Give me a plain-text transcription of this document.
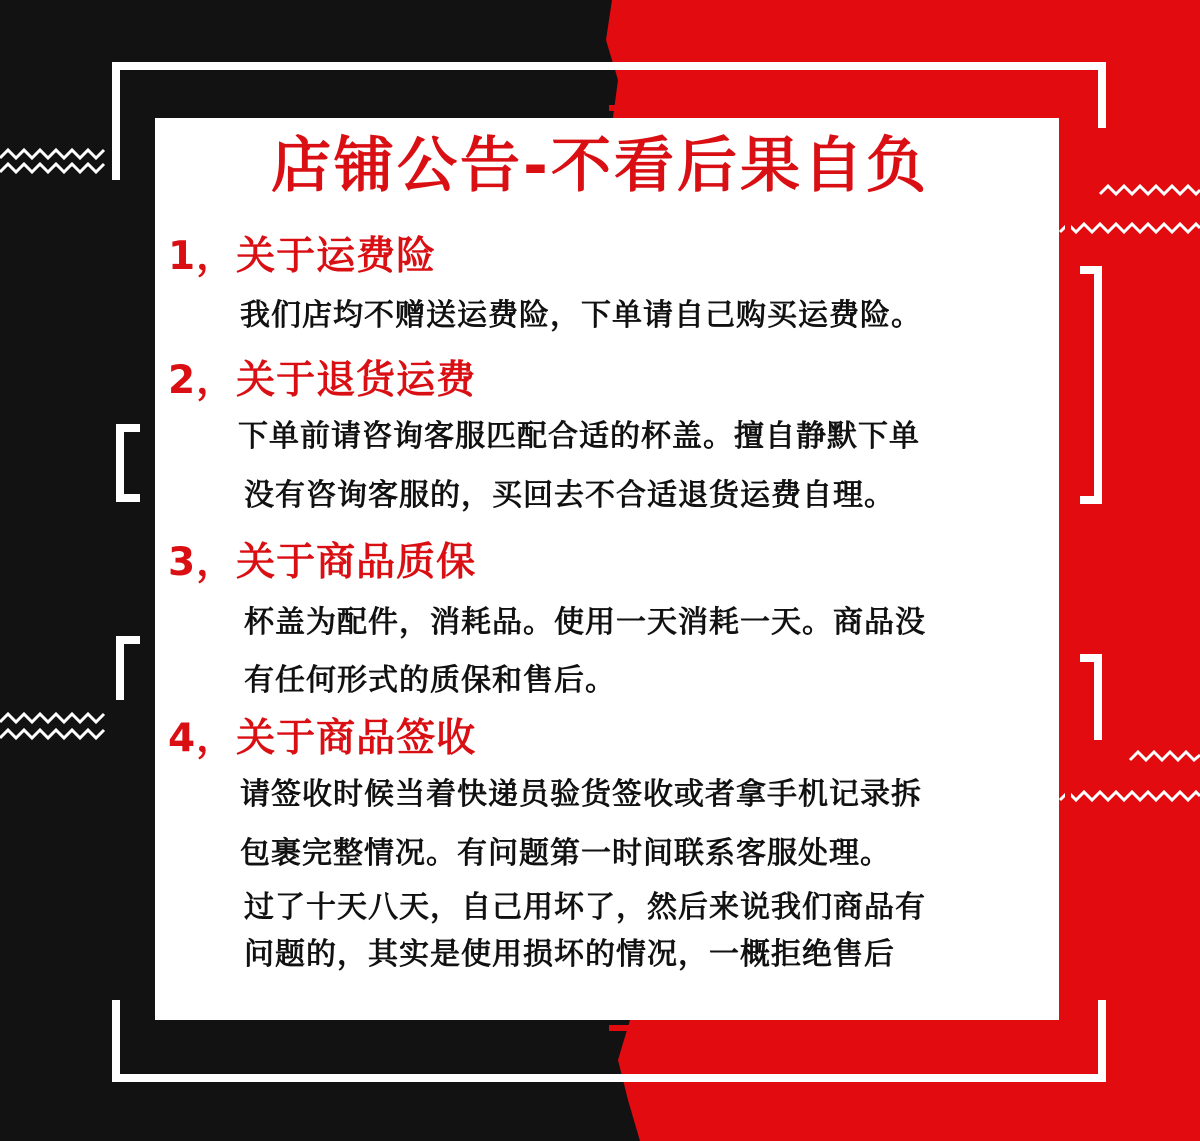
店铺公告-不看后果自负
1，关于运费险
我们店均不赠送运费险，下单请自己购买运费险。
2，关于退货运费
下单前请咨询客服匹配合适的杯盖。擅自静默下单
没有咨询客服的，买回去不合适退货运费自理。
3，关于商品质保
杯盖为配件，消耗品。使用一天消耗一天。商品没
有任何形式的质保和售后。
4，关于商品签收
请签收时候当着快递员验货签收或者拿手机记录拆
包裹完整情况。有问题第一时间联系客服处理。
过了十天八天，自己用坏了，然后来说我们商品有
问题的，其实是使用损坏的情况，一概拒绝售后
